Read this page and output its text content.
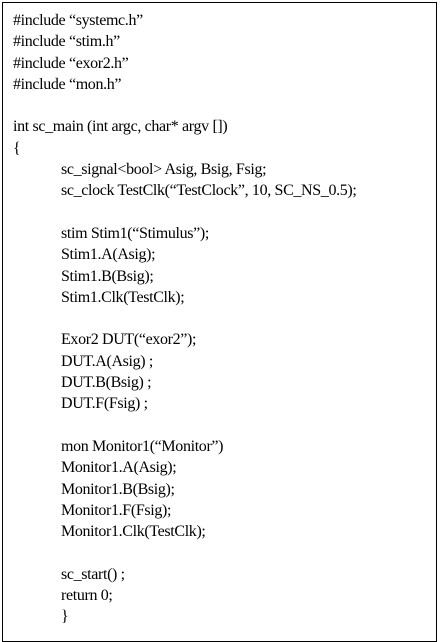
#include “systemc.h”
#include “stim.h”
#include “exor2.h”
#include “mon.h”
int sc_main (int argc, char* argv [])
{
sc_signal<bool> Asig, Bsig, Fsig;
sc_clock TestClk(“TestClock”, 10, SC_NS_0.5);
stim Stim1(“Stimulus”);
Stim1.A(Asig);
Stim1.B(Bsig);
Stim1.Clk(TestClk);
Exor2 DUT(“exor2”);
DUT.A(Asig) ;
DUT.B(Bsig) ;
DUT.F(Fsig) ;
mon Monitor1(“Monitor”)
Monitor1.A(Asig);
Monitor1.B(Bsig);
Monitor1.F(Fsig);
Monitor1.Clk(TestClk);
sc_start() ;
return 0;
}
